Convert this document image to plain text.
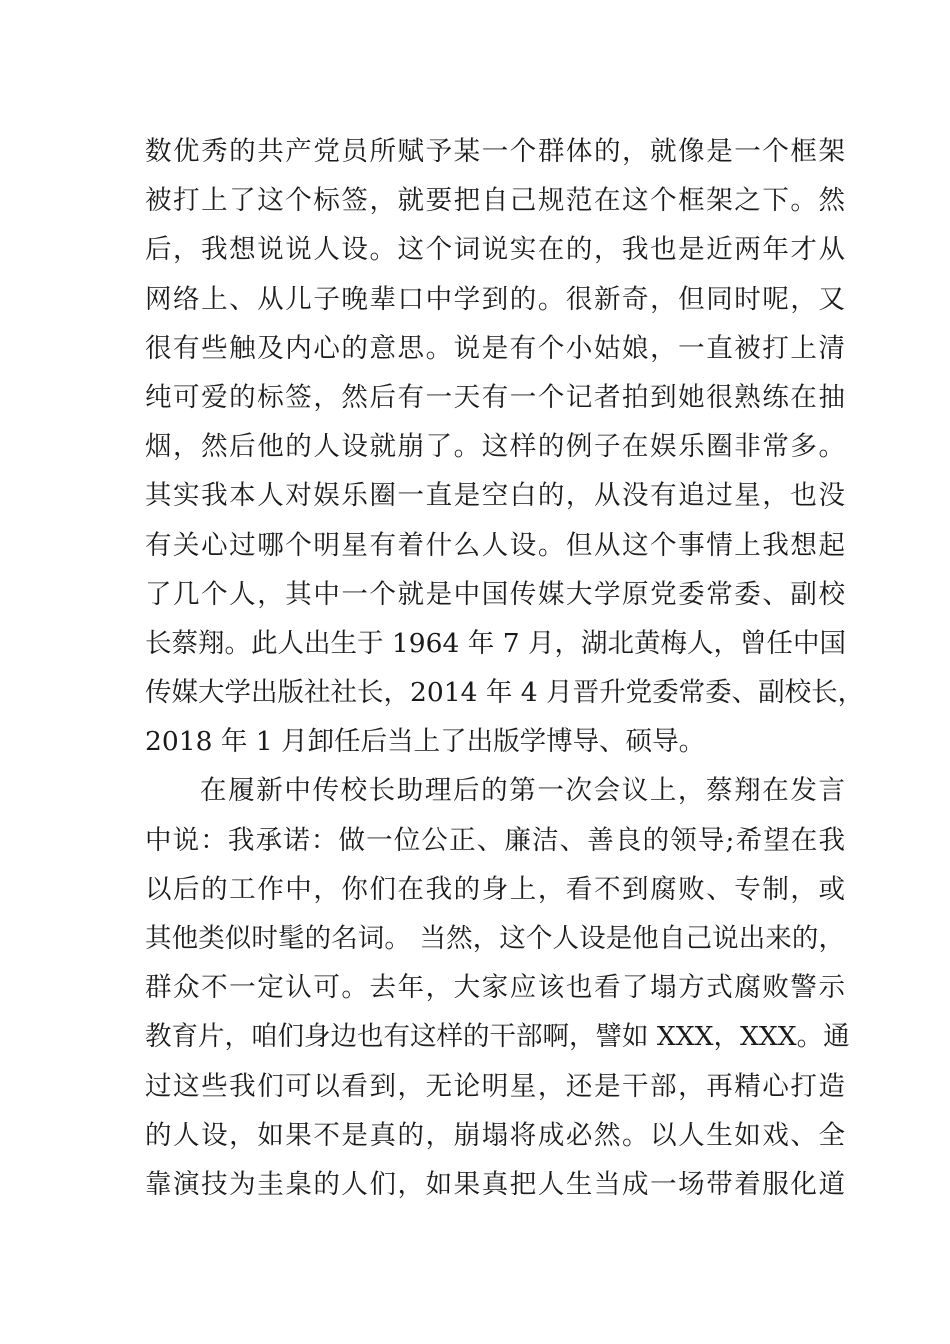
数优秀的共产党员所赋予某一个群体的，就像是一个框架
被打上了这个标签，就要把自己规范在这个框架之下。然
后，我想说说人设。这个词说实在的，我也是近两年才从
网络上、从儿子晚辈口中学到的。很新奇，但同时呢，又
很有些触及内心的意思。说是有个小姑娘，一直被打上清
纯可爱的标签，然后有一天有一个记者拍到她很熟练在抽
烟，然后他的人设就崩了。这样的例子在娱乐圈非常多。
其实我本人对娱乐圈一直是空白的，从没有追过星，也没
有关心过哪个明星有着什么人设。但从这个事情上我想起
了几个人，其中一个就是中国传媒大学原党委常委、副校
长蔡翔。此人出生于 1964 年 7 月，湖北黄梅人，曾任中国
传媒大学出版社社长，2014 年 4 月晋升党委常委、副校长，
2018 年 1 月卸任后当上了出版学博导、硕导。
在履新中传校长助理后的第一次会议上，蔡翔在发言
中说：我承诺：做一位公正、廉洁、善良的领导;希望在我
以后的工作中，你们在我的身上，看不到腐败、专制，或
其他类似时髦的名词。 当然，这个人设是他自己说出来的，
群众不一定认可。去年，大家应该也看了塌方式腐败警示
教育片，咱们身边也有这样的干部啊，譬如 XXX，XXX。通
过这些我们可以看到，无论明星，还是干部，再精心打造
的人设，如果不是真的，崩塌将成必然。以人生如戏、全
靠演技为圭臬的人们，如果真把人生当成一场带着服化道
